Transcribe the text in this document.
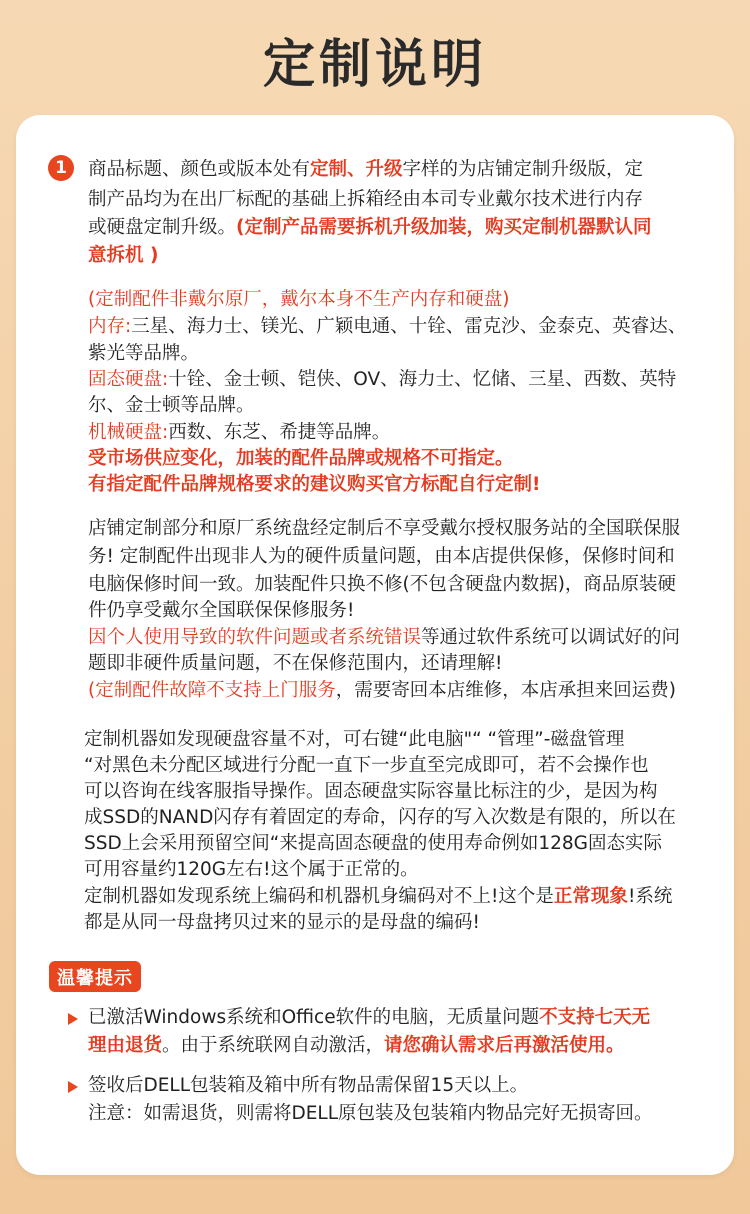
定制说明
1	商品标题、颜色或版本处有定制、升级字样的为店铺定制升级版，定
制产品均为在出厂标配的基础上拆箱经由本司专业戴尔技术进行内存
或硬盘定制升级。(定制产品需要拆机升级加装，购买定制机器默认同
意拆机 )
(定制配件非戴尔原厂，戴尔本身不生产内存和硬盘)
内存:三星、海力士、镁光、广颖电通、十铨、雷克沙、金泰克、英睿达、
紫光等品牌。
固态硬盘:十铨、金士顿、铠侠、OV、海力士、忆储、三星、西数、英特
尔、金士顿等品牌。
机械硬盘:西数、东芝、希捷等品牌。
受市场供应变化，加装的配件品牌或规格不可指定。
有指定配件品牌规格要求的建议购买官方标配自行定制!
店铺定制部分和原厂系统盘经定制后不享受戴尔授权服务站的全国联保服
务! 定制配件出现非人为的硬件质量问题，由本店提供保修，保修时间和
电脑保修时间一致。加装配件只换不修(不包含硬盘内数据)，商品原装硬
件仍享受戴尔全国联保保修服务!
因个人使用导致的软件问题或者系统错误等通过软件系统可以调试好的问
题即非硬件质量问题，不在保修范围内，还请理解!
(定制配件故障不支持上门服务，需要寄回本店维修，本店承担来回运费)
定制机器如发现硬盘容量不对，可右键“此电脑"“ “管理”-磁盘管理
“对黑色未分配区域进行分配一直下一步直至完成即可，若不会操作也
可以咨询在线客服指导操作。固态硬盘实际容量比标注的少，是因为构
成SSD的NAND闪存有着固定的寿命，闪存的写入次数是有限的，所以在
SSD上会采用预留空间“来提高固态硬盘的使用寿命例如128G固态实际
可用容量约120G左右!这个属于正常的。
定制机器如发现系统上编码和机器机身编码对不上!这个是正常现象!系统
都是从同一母盘拷贝过来的显示的是母盘的编码!
温馨提示
已激活Windows系统和Office软件的电脑，无质量问题不支持七天无
理由退货。由于系统联网自动激活，请您确认需求后再激活使用。
签收后DELL包装箱及箱中所有物品需保留15天以上。
注意：如需退货，则需将DELL原包装及包装箱内物品完好无损寄回。
